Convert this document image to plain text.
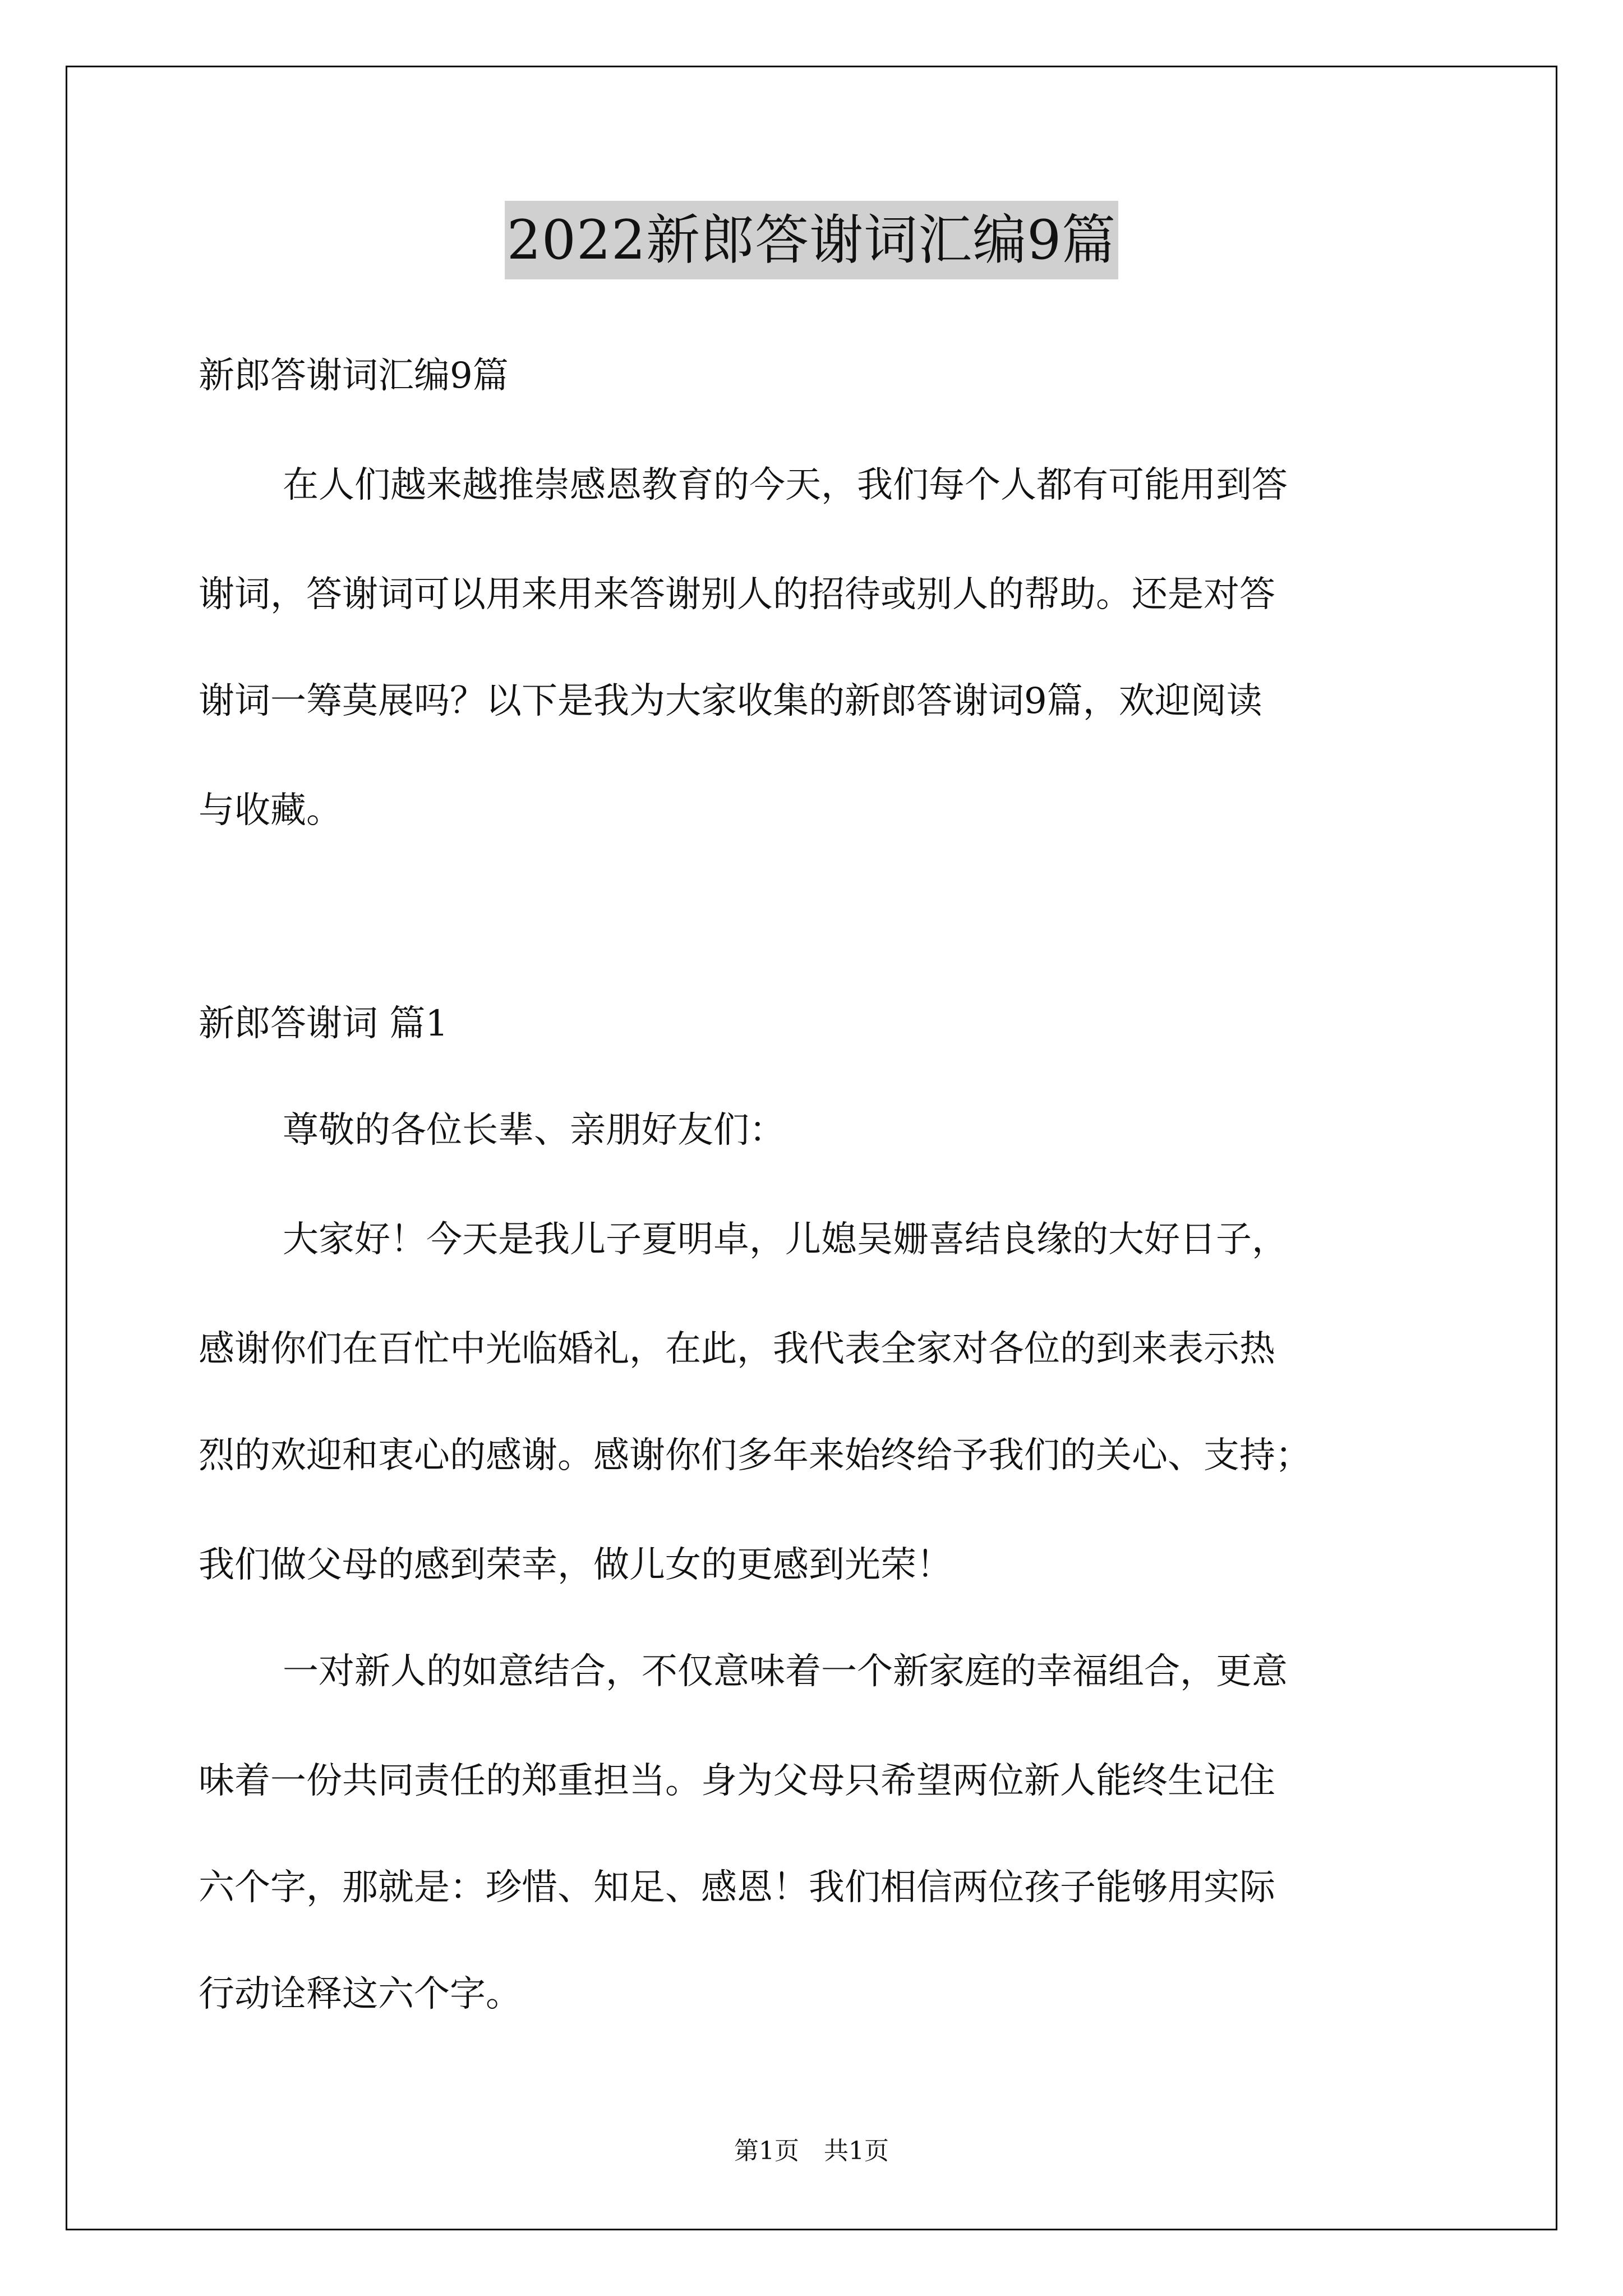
2022新郎答谢词汇编9篇
新郎答谢词汇编9篇
在人们越来越推崇感恩教育的今天，我们每个人都有可能用到答
谢词，答谢词可以用来用来答谢别人的招待或别人的帮助。还是对答
谢词一筹莫展吗？以下是我为大家收集的新郎答谢词9篇，欢迎阅读
与收藏。
新郎答谢词 篇1
尊敬的各位长辈、亲朋好友们：
大家好！今天是我儿子夏明卓，儿媳吴姗喜结良缘的大好日子，
感谢你们在百忙中光临婚礼，在此，我代表全家对各位的到来表示热
烈的欢迎和衷心的感谢。感谢你们多年来始终给予我们的关心、支持；
我们做父母的感到荣幸，做儿女的更感到光荣！
一对新人的如意结合，不仅意味着一个新家庭的幸福组合，更意
味着一份共同责任的郑重担当。身为父母只希望两位新人能终生记住
六个字，那就是：珍惜、知足、感恩！我们相信两位孩子能够用实际
行动诠释这六个字。
第1页　共1页
